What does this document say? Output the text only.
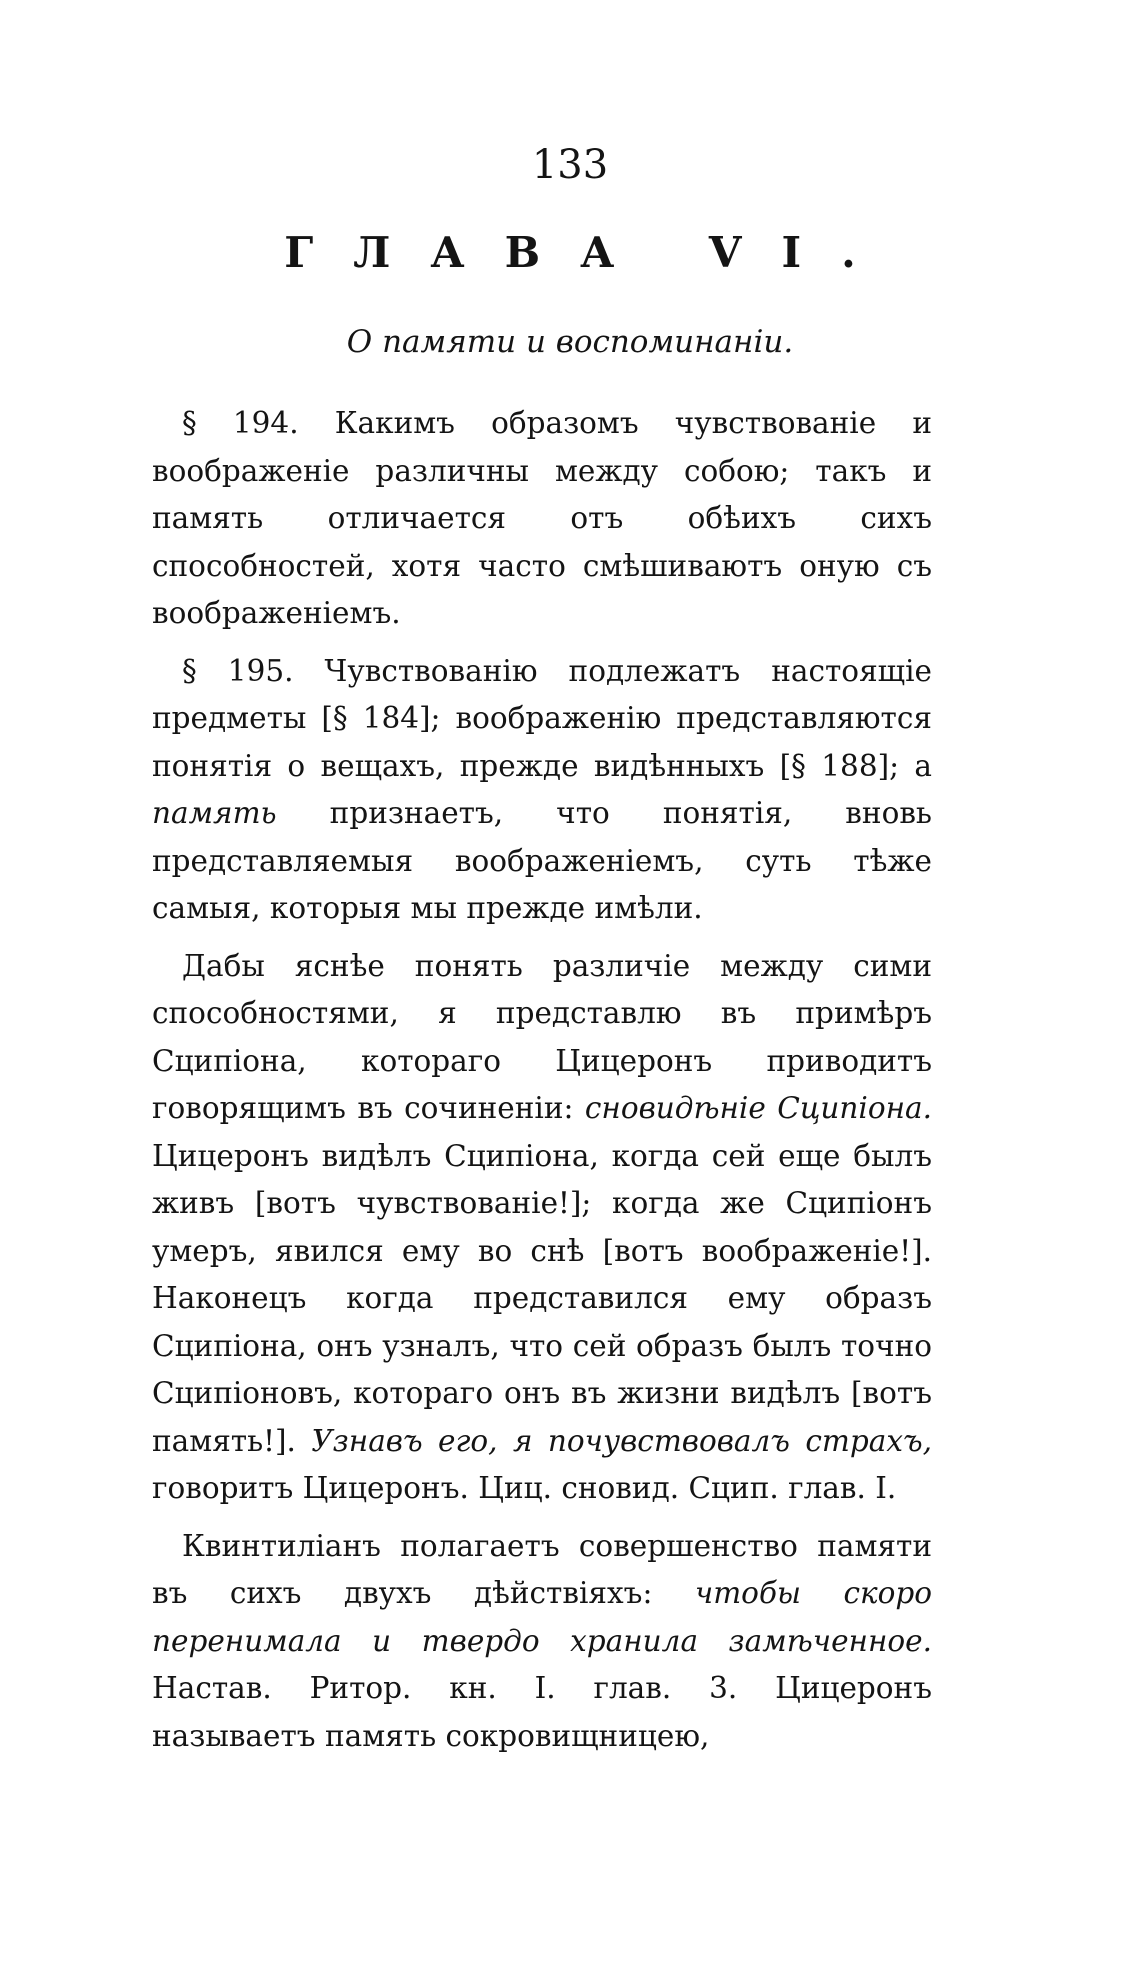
133
ГЛАВА VI.
О памяти и воспоминаніи.

§ 194. Какимъ образомъ чувствованіе и воображеніе различны между собою; такъ и память отличается отъ обѣихъ сихъ способностей, хотя часто смѣшиваютъ оную съ воображеніемъ.

§ 195. Чувствованію подлежатъ настоящіе предметы [§ 184]; воображенію представляются понятія о вещахъ, прежде видѣнныхъ [§ 188]; а память признаетъ, что понятія, вновь представляемыя воображеніемъ, суть тѣже самыя, которыя мы прежде имѣли.

Дабы яснѣе понять различіе между сими способностями, я представлю въ примѣръ Сципіона, котораго Цицеронъ приводитъ говорящимъ въ сочиненіи: сновидѣніе Сципіона. Цицеронъ видѣлъ Сципіона, когда сей еще былъ живъ [вотъ чувствованіе!]; когда же Сципіонъ умеръ, явился ему во снѣ [вотъ воображеніе!]. Наконецъ когда представился ему образъ Сципіона, онъ узналъ, что сей образъ былъ точно Сципіоновъ, котораго онъ въ жизни видѣлъ [вотъ память!]. Узнавъ его, я почувствовалъ страхъ, говоритъ Цицеронъ. Циц. сновид. Сцип. глав. I.

Квинтиліанъ полагаетъ совершенство памяти въ сихъ двухъ дѣйствіяхъ: чтобы скоро перенимала и твердо хранила замѣченное. Настав. Ритор. кн. I. глав. 3. Цицеронъ называетъ память сокровищницею,
